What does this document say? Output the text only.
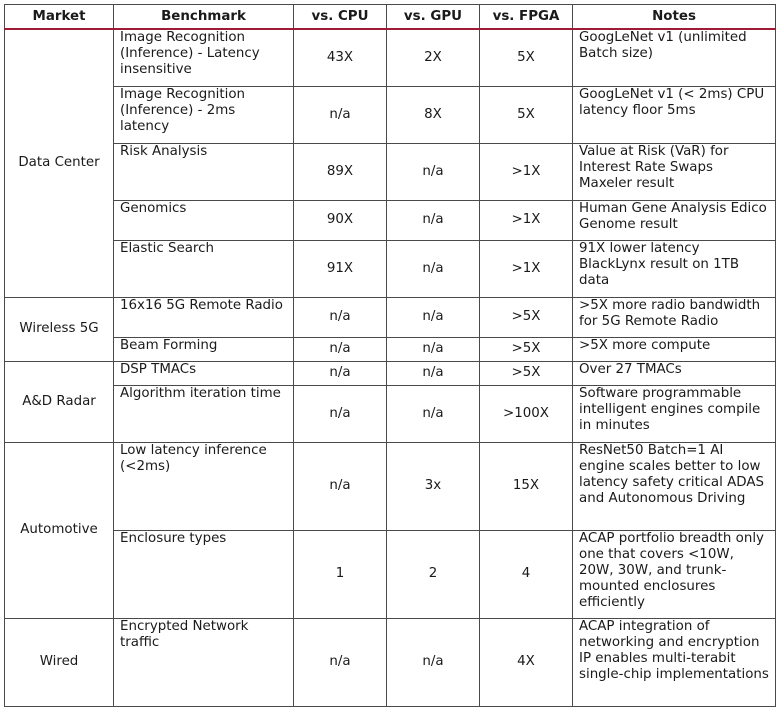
Market	Benchmark	vs. CPU	vs. GPU	vs. FPGA	Notes
Data Center	Image Recognition (Inference) - Latency insensitive	43X	2X	5X	GoogLeNet v1 (unlimited Batch size)
	Image Recognition (Inference) - 2ms latency	n/a	8X	5X	GoogLeNet v1 (< 2ms) CPU latency floor 5ms
	Risk Analysis	89X	n/a	>1X	Value at Risk (VaR) for Interest Rate Swaps Maxeler result
	Genomics	90X	n/a	>1X	Human Gene Analysis Edico Genome result
	Elastic Search	91X	n/a	>1X	91X lower latency BlackLynx result on 1TB data
Wireless 5G	16x16 5G Remote Radio	n/a	n/a	>5X	>5X more radio bandwidth for 5G Remote Radio
	Beam Forming	n/a	n/a	>5X	>5X more compute
A&D Radar	DSP TMACs	n/a	n/a	>5X	Over 27 TMACs
	Algorithm iteration time	n/a	n/a	>100X	Software programmable intelligent engines compile in minutes
Automotive	Low latency inference (<2ms)	n/a	3x	15X	ResNet50 Batch=1 AI engine scales better to low latency safety critical ADAS and Autonomous Driving
	Enclosure types	1	2	4	ACAP portfolio breadth only one that covers <10W, 20W, 30W, and trunk-mounted enclosures efficiently
Wired	Encrypted Network traffic	n/a	n/a	4X	ACAP integration of networking and encryption IP enables multi-terabit single-chip implementations
